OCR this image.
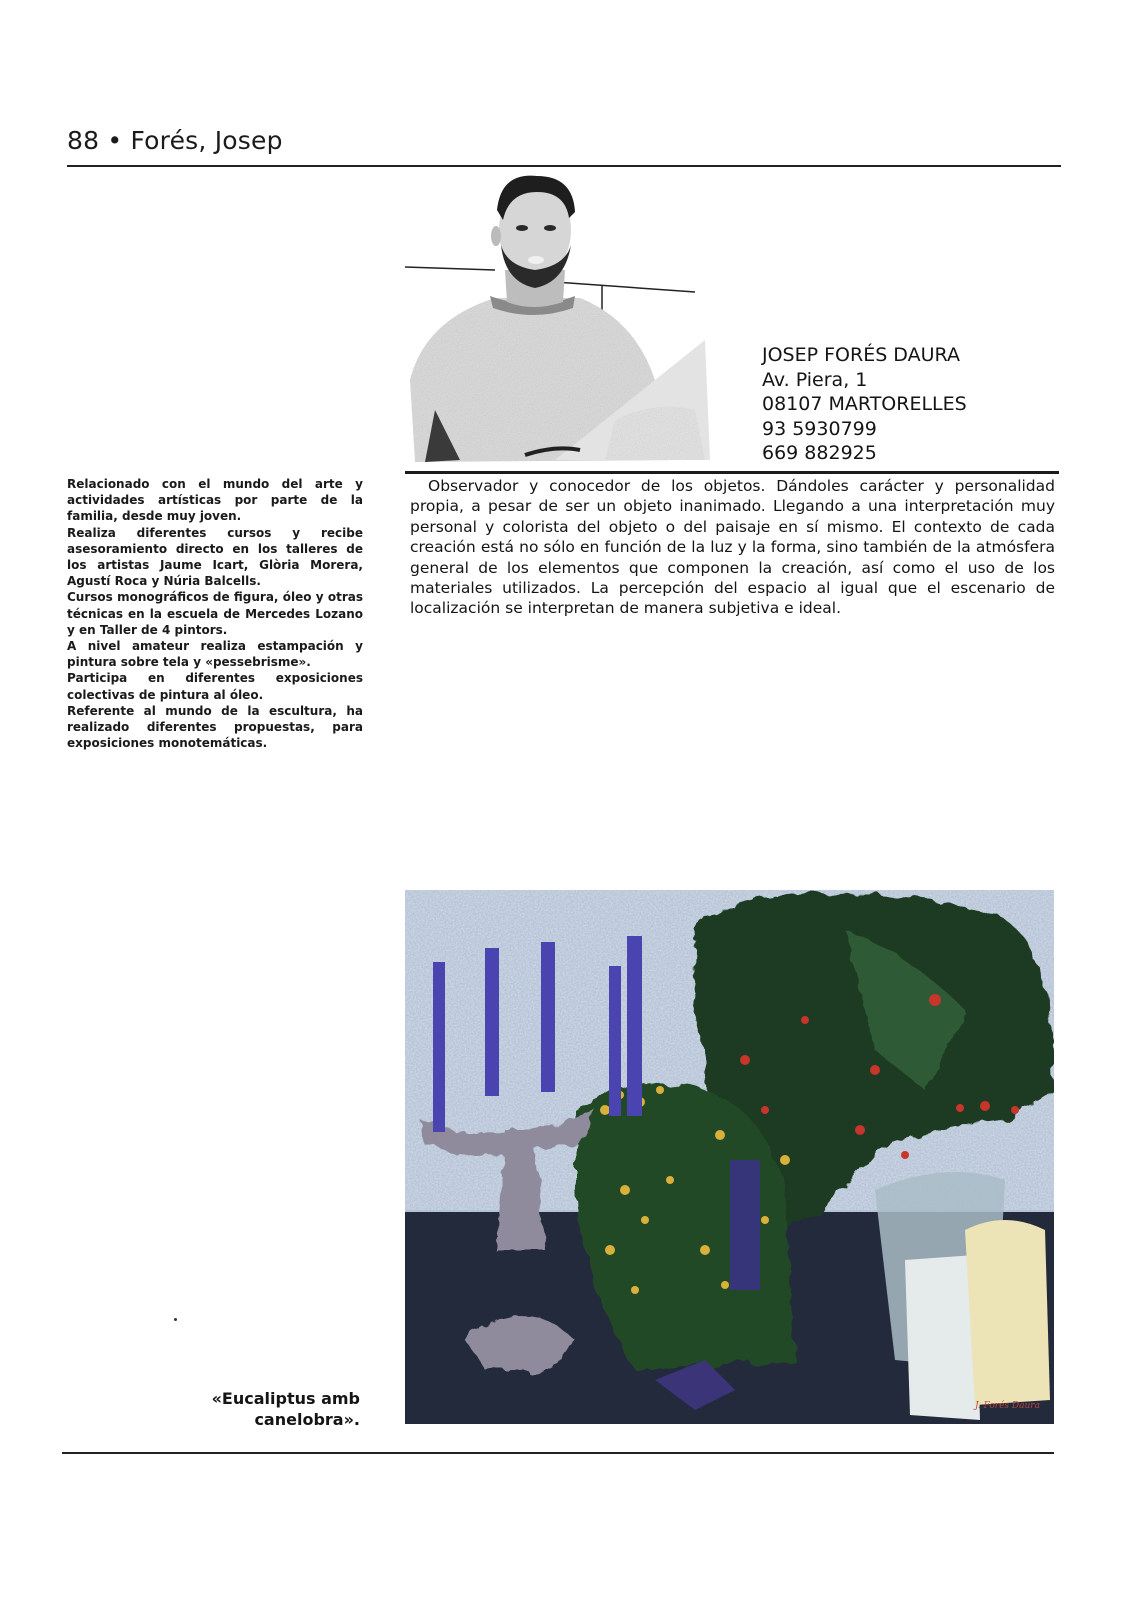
88 • Forés, Josep
JOSEP FORÉS DAURA
Av. Piera, 1
08107 MARTORELLES
93 5930799
669 882925

Relacionado con el mundo del arte y actividades artísticas por parte de la familia, desde muy joven.

Realiza diferentes cursos y recibe asesoramiento directo en los talleres de los artistas Jaume Icart, Glòria Morera, Agustí Roca y Núria Balcells.

Cursos monográficos de figura, óleo y otras técnicas en la escuela de Mercedes Lozano y en Taller de 4 pintors.

A nivel amateur realiza estampación y pintura sobre tela y «pessebrisme».

Participa en diferentes exposiciones colectivas de pintura al óleo.

Referente al mundo de la escultura, ha realizado diferentes propuestas, para exposiciones monotemáticas.

Observador y conocedor de los objetos. Dándoles carácter y personalidad propia, a pesar de ser un objeto inanimado. Llegando a una interpretación muy personal y colorista del objeto o del paisaje en sí mismo. El contexto de cada creación está no sólo en función de la luz y la forma, sino también de la atmósfera general de los elementos que componen la creación, así como el uso de los materiales utilizados. La percepción del espacio al igual que el escenario de localización se interpretan de manera subjetiva e ideal.

J. Forés Daura
«Eucaliptus amb
canelobra».
